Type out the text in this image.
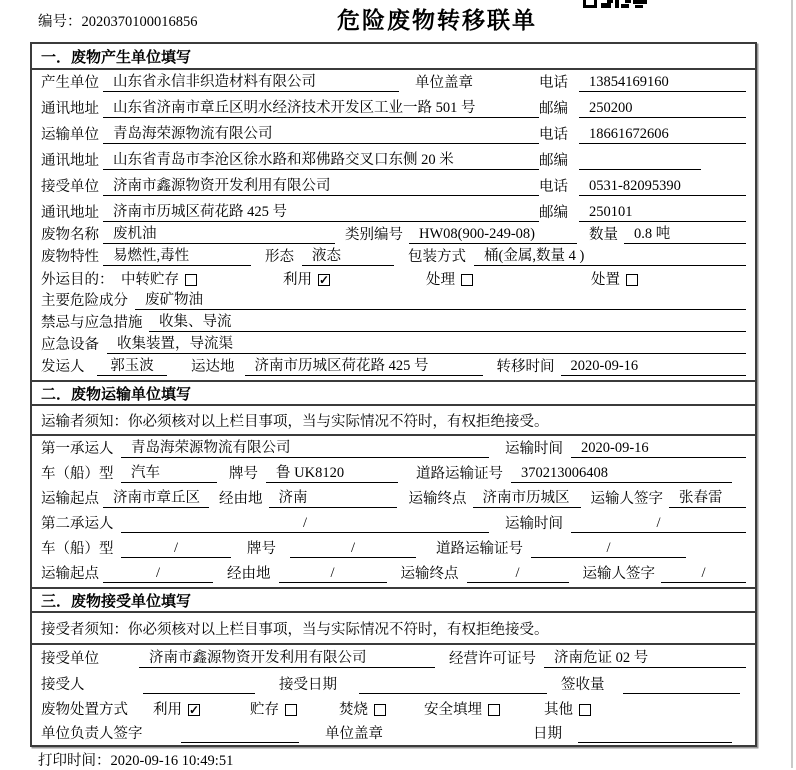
编号：2020370100016856	危险废物转移联单
一．废物产生单位填写
产生单位 山东省永信非织造材料有限公司	单位盖章	电话	13854169160
通讯地址 山东省济南市章丘区明水经济技术开发区工业一路 501 号	邮编	250200
运输单位 青岛海荣源物流有限公司	电话	18661672606
通讯地址 山东省青岛市李沧区徐水路和郑佛路交叉口东侧 20 米	邮编
接受单位 济南市鑫源物资开发利用有限公司	电话	0531-82095390
通讯地址 济南市历城区荷花路 425 号	邮编	250101
废物名称 废机油	类别编号	HW08(900-249-08)	数量	0.8 吨
废物特性 易燃性,毒性	形态	液态	包装方式	桶(金属,数量 4 )
外运目的： 中转贮存	利用 ✓	处理	处置
主要危险成分	废矿物油
禁忌与应急措施	收集、导流
应急设备	收集装置，导流渠
发运人	郭玉波	运达地	济南市历城区荷花路 425 号	转移时间	2020-09-16
二．废物运输单位填写
运输者须知：你必须核对以上栏目事项，当与实际情况不符时，有权拒绝接受。
第一承运人	青岛海荣源物流有限公司	运输时间	2020-09-16
车（船）型	汽车	牌号	鲁 UK8120	道路运输证号	370213006408
运输起点 济南市章丘区	经由地	济南	运输终点	济南市历城区	运输人签字	张春雷
第二承运人	/	运输时间	/
车（船）型	/	牌号	/	道路运输证号	/
运输起点	/	经由地	/	运输终点	/	运输人签字	/
三．废物接受单位填写
接受者须知：你必须核对以上栏目事项，当与实际情况不符时，有权拒绝接受。
接受单位	济南市鑫源物资开发利用有限公司	经营许可证号	济南危证 02 号
接受人	接受日期	签收量
废物处置方式	利用 ✓	贮存	焚烧	安全填埋	其他
单位负责人签字	单位盖章	日期
打印时间：2020-09-16 10:49:51
